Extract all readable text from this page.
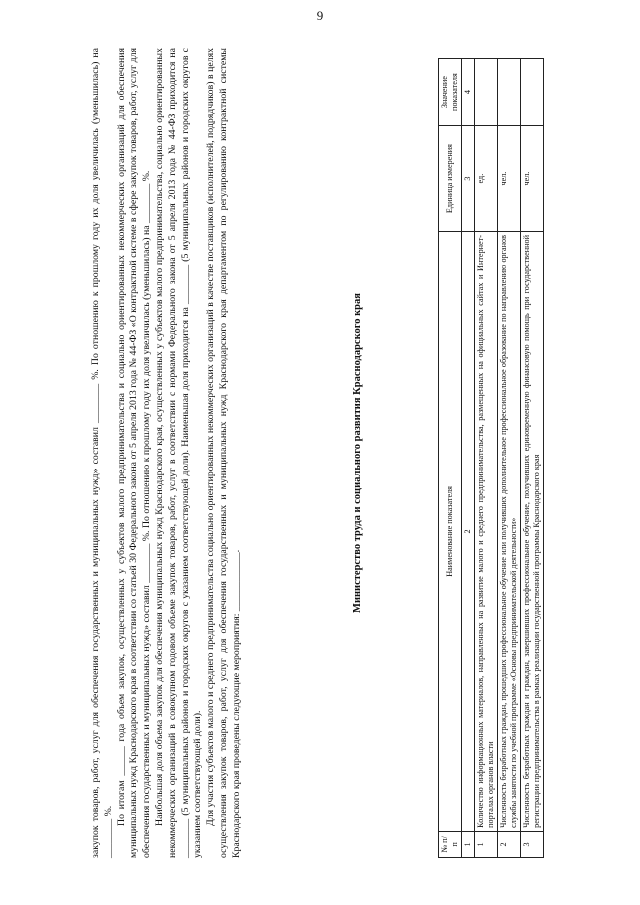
9

закупок товаров, работ, услуг для обеспечения государственных и муниципальных нужд» составил ________ %. По отношению к прошлому году их доля увеличилась (уменьшилась) на ________ %.

По итогам ______ года объем закупок, осуществленных у субъектов малого предпринимательства и социально ориентированных некоммерческих организаций для обеспечения муниципальных нужд Краснодарского края в соответствии со статьей 30 Федерального закона от 5 апреля 2013 года № 44-ФЗ «О контрактной системе в сфере закупок товаров, работ, услуг для обеспечения государственных и муниципальных нужд» составил ________ %. По отношению к прошлому году их доля увеличилась (уменьшилась) на ________ %. Наибольшая доля объема закупок для обеспечения муниципальных нужд Краснодарского края, осуществленных у субъектов малого предпринимательства, социально ориентированных некоммерческих организаций в совокупном годовом объеме закупок товаров, работ, услуг в соответствии с нормами Федерального закона от 5 апреля 2013 года № 44-ФЗ приходится на ________ (5 муниципальных районов и городских округов с указанием соответствующей доли). Наименьшая доля приходится на ________ (5 муниципальных районов и городских округов с указанием соответствующей доли). Для участия субъектов малого и среднего предпринимательства социально ориентированных некоммерческих организаций в качестве поставщиков (исполнителей, подрядчиков) в целях осуществления закупок товаров, работ, услуг для обеспечения государственных и муниципальных нужд Краснодарского края департаментом по регулированию контрактной системы Краснодарского края проведены следующие мероприятия: ____________.

Министерство труда и социального развития Краснодарского края
№ п/п	Наименование показателя	Единица измерения	Значение показателя
1	2	3	4
1	Количество информационных материалов, направленных на развитие малого и среднего предпринимательства, размещенных на официальных сайтах и Интернет-порталах органов власти	ед.	
2	Численность безработных граждан, прошедших профессиональное обучение или получивших дополнительное профессиональное образование по направлению органов службы занятости по учебной программе «Основы предпринимательской деятельности»	чел.	
3	Численность безработных граждан и граждан, завершивших профессиональное обучение, получивших единовременную финансовую помощь при государственной регистрации предпринимательства в рамках реализации государственной программы Краснодарского края	чел.	
